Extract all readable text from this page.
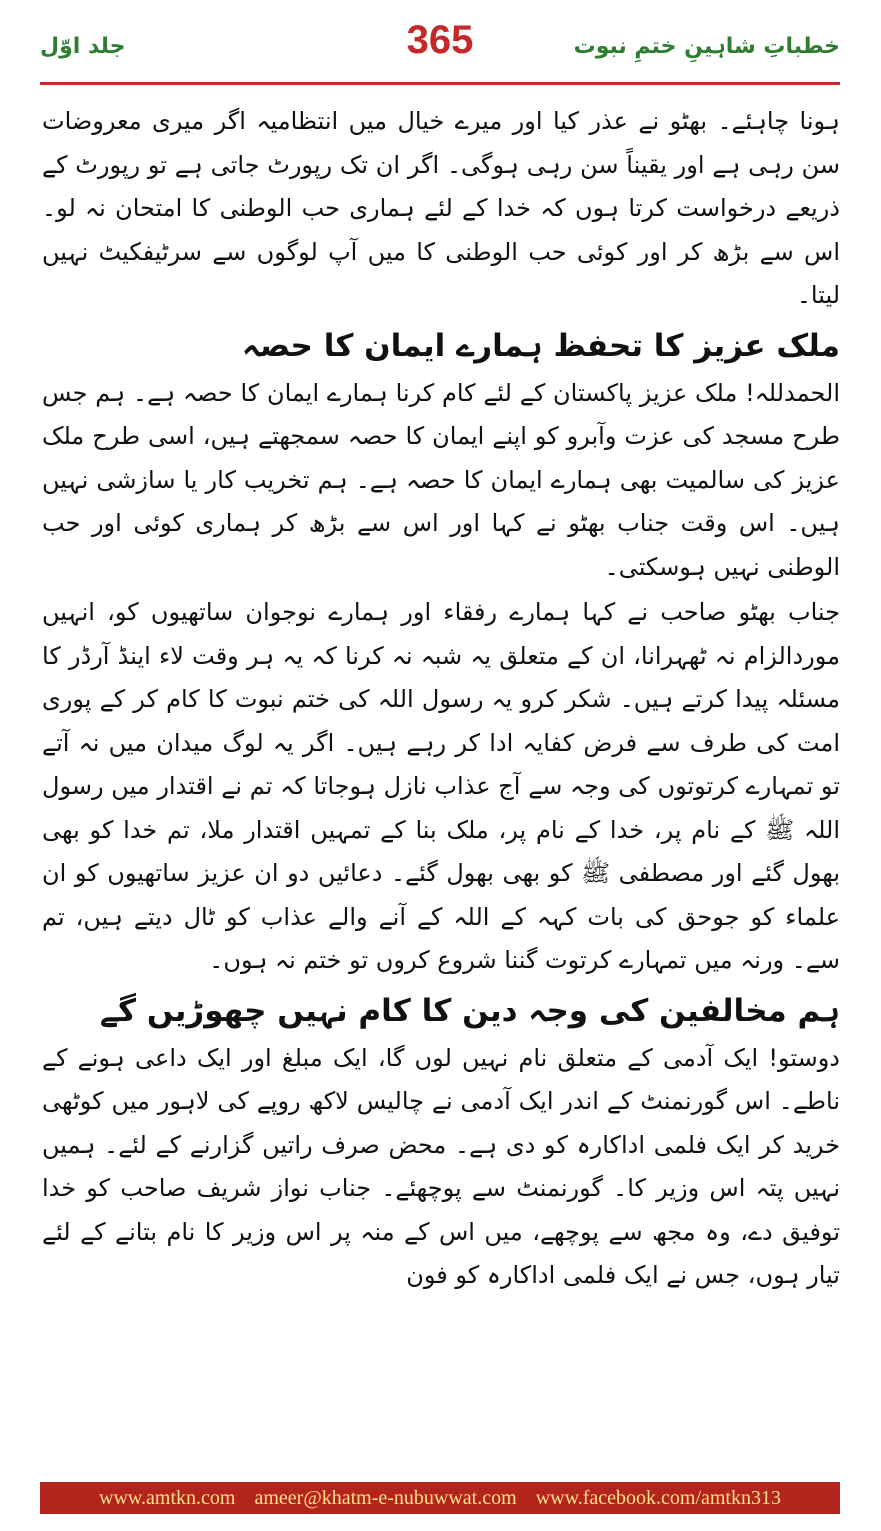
جلد اوّل	365	خطباتِ شاہینِ ختمِ نبوت

ہونا چاہئے۔ بھٹو نے عذر کیا اور میرے خیال میں انتظامیہ اگر میری معروضات سن رہی ہے اور یقیناً سن رہی ہوگی۔ اگر ان تک رپورٹ جاتی ہے تو رپورٹ کے ذریعے درخواست کرتا ہوں کہ خدا کے لئے ہماری حب الوطنی کا امتحان نہ لو۔ اس سے بڑھ کر اور کوئی حب الوطنی کا میں آپ لوگوں سے سرٹیفکیٹ نہیں لیتا۔

ملک عزیز کا تحفظ ہمارے ایمان کا حصہ

الحمدللہ! ملک عزیز پاکستان کے لئے کام کرنا ہمارے ایمان کا حصہ ہے۔ ہم جس طرح مسجد کی عزت وآبرو کو اپنے ایمان کا حصہ سمجھتے ہیں، اسی طرح ملک عزیز کی سالمیت بھی ہمارے ایمان کا حصہ ہے۔ ہم تخریب کار یا سازشی نہیں ہیں۔ اس وقت جناب بھٹو نے کہا اور اس سے بڑھ کر ہماری کوئی اور حب الوطنی نہیں ہوسکتی۔

جناب بھٹو صاحب نے کہا ہمارے رفقاء اور ہمارے نوجوان ساتھیوں کو، انہیں موردالزام نہ ٹھہرانا، ان کے متعلق یہ شبہ نہ کرنا کہ یہ ہر وقت لاء اینڈ آرڈر کا مسئلہ پیدا کرتے ہیں۔ شکر کرو یہ رسول اللہ کی ختم نبوت کا کام کر کے پوری امت کی طرف سے فرض کفایہ ادا کر رہے ہیں۔ اگر یہ لوگ میدان میں نہ آتے تو تمہارے کرتوتوں کی وجہ سے آج عذاب نازل ہوجاتا کہ تم نے اقتدار میں رسول اللہ ﷺ کے نام پر، خدا کے نام پر، ملک بنا کے تمہیں اقتدار ملا، تم خدا کو بھی بھول گئے اور مصطفی ﷺ کو بھی بھول گئے۔ دعائیں دو ان عزیز ساتھیوں کو ان علماء کو جوحق کی بات کہہ کے اللہ کے آنے والے عذاب کو ٹال دیتے ہیں، تم سے۔ ورنہ میں تمہارے کرتوت گننا شروع کروں تو ختم نہ ہوں۔

ہم مخالفین کی وجہ دین کا کام نہیں چھوڑیں گے

دوستو! ایک آدمی کے متعلق نام نہیں لوں گا، ایک مبلغ اور ایک داعی ہونے کے ناطے۔ اس گورنمنٹ کے اندر ایک آدمی نے چالیس لاکھ روپے کی لاہور میں کوٹھی خرید کر ایک فلمی اداکارہ کو دی ہے۔ محض صرف راتیں گزارنے کے لئے۔ ہمیں نہیں پتہ اس وزیر کا۔ گورنمنٹ سے پوچھئے۔ جناب نواز شریف صاحب کو خدا توفیق دے، وہ مجھ سے پوچھے، میں اس کے منہ پر اس وزیر کا نام بتانے کے لئے تیار ہوں، جس نے ایک فلمی اداکارہ کو فون

www.amtkn.com ameer@khatm-e-nubuwwat.com www.facebook.com/amtkn313
